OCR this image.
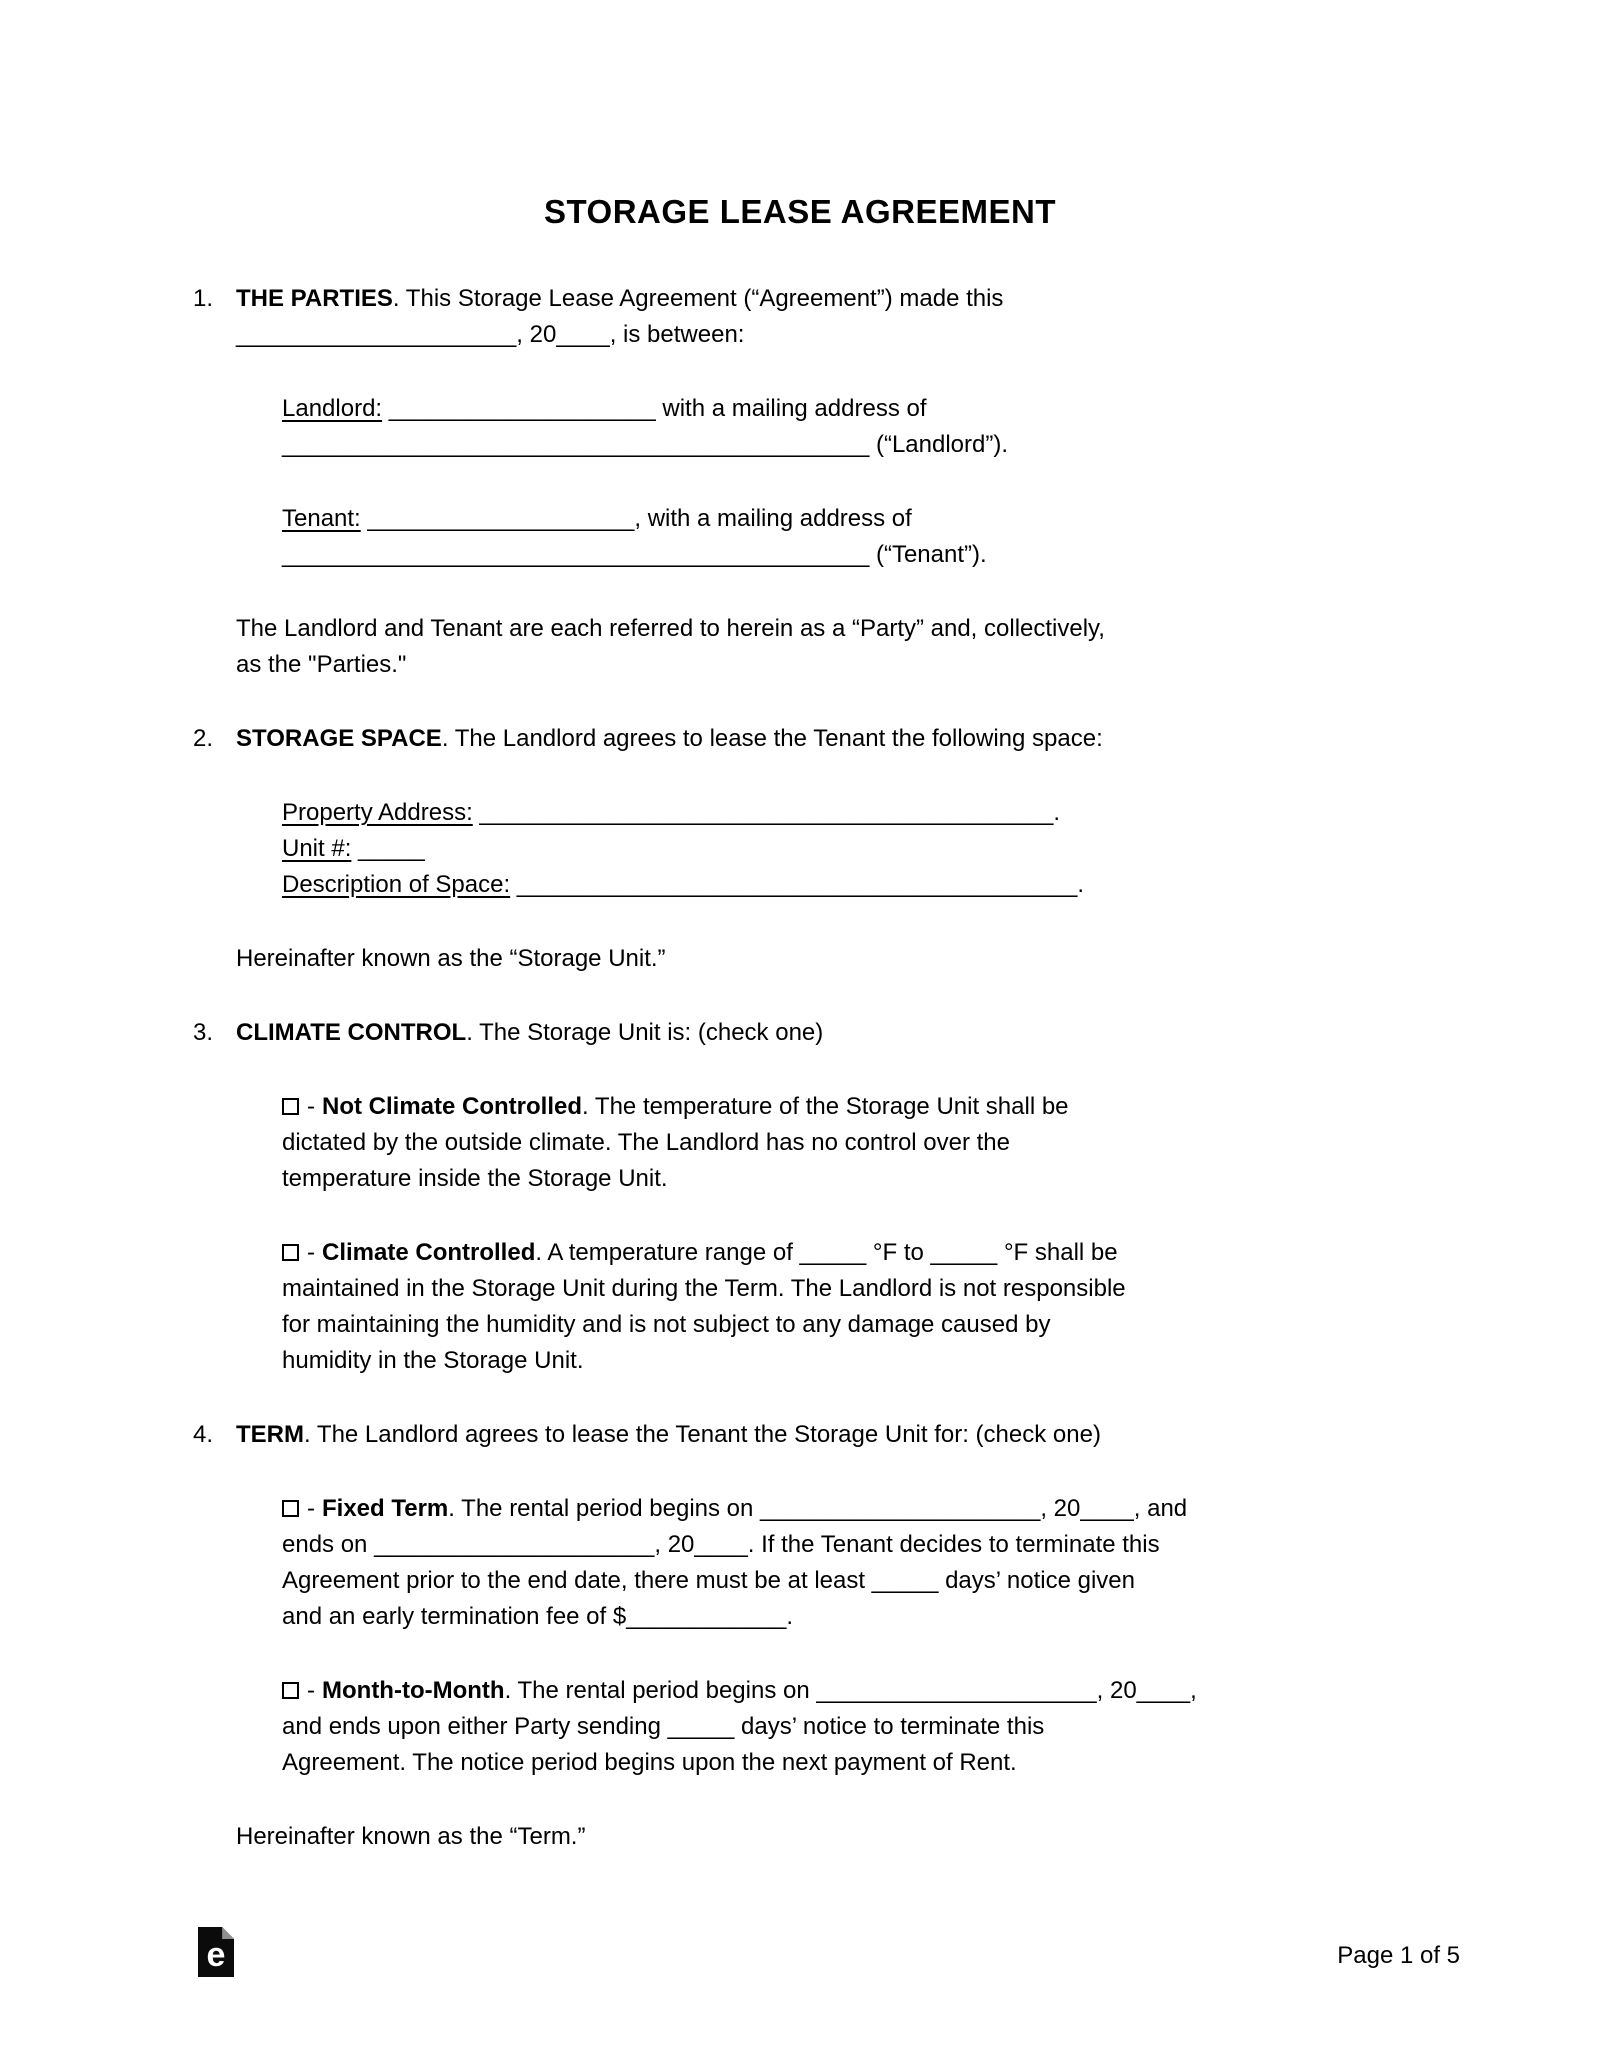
STORAGE LEASE AGREEMENT
1. THE PARTIES. This Storage Lease Agreement (“Agreement”) made this
_____________________, 20____, is between:
Landlord: ____________________ with a mailing address of
____________________________________________ (“Landlord”).
Tenant: ____________________, with a mailing address of
____________________________________________ (“Tenant”).
The Landlord and Tenant are each referred to herein as a “Party” and, collectively,
as the "Parties."
2. STORAGE SPACE. The Landlord agrees to lease the Tenant the following space:
Property Address: ___________________________________________.
Unit #: _____
Description of Space: __________________________________________.
Hereinafter known as the “Storage Unit.”
3. CLIMATE CONTROL. The Storage Unit is: (check one)
- Not Climate Controlled. The temperature of the Storage Unit shall be
dictated by the outside climate. The Landlord has no control over the
temperature inside the Storage Unit.
- Climate Controlled. A temperature range of _____ °F to _____ °F shall be
maintained in the Storage Unit during the Term. The Landlord is not responsible
for maintaining the humidity and is not subject to any damage caused by
humidity in the Storage Unit.
4. TERM. The Landlord agrees to lease the Tenant the Storage Unit for: (check one)
- Fixed Term. The rental period begins on _____________________, 20____, and
ends on _____________________, 20____. If the Tenant decides to terminate this
Agreement prior to the end date, there must be at least _____ days’ notice given
and an early termination fee of $____________.
- Month-to-Month. The rental period begins on _____________________, 20____,
and ends upon either Party sending _____ days’ notice to terminate this
Agreement. The notice period begins upon the next payment of Rent.
Hereinafter known as the “Term.”
e	Page 1 of 5
